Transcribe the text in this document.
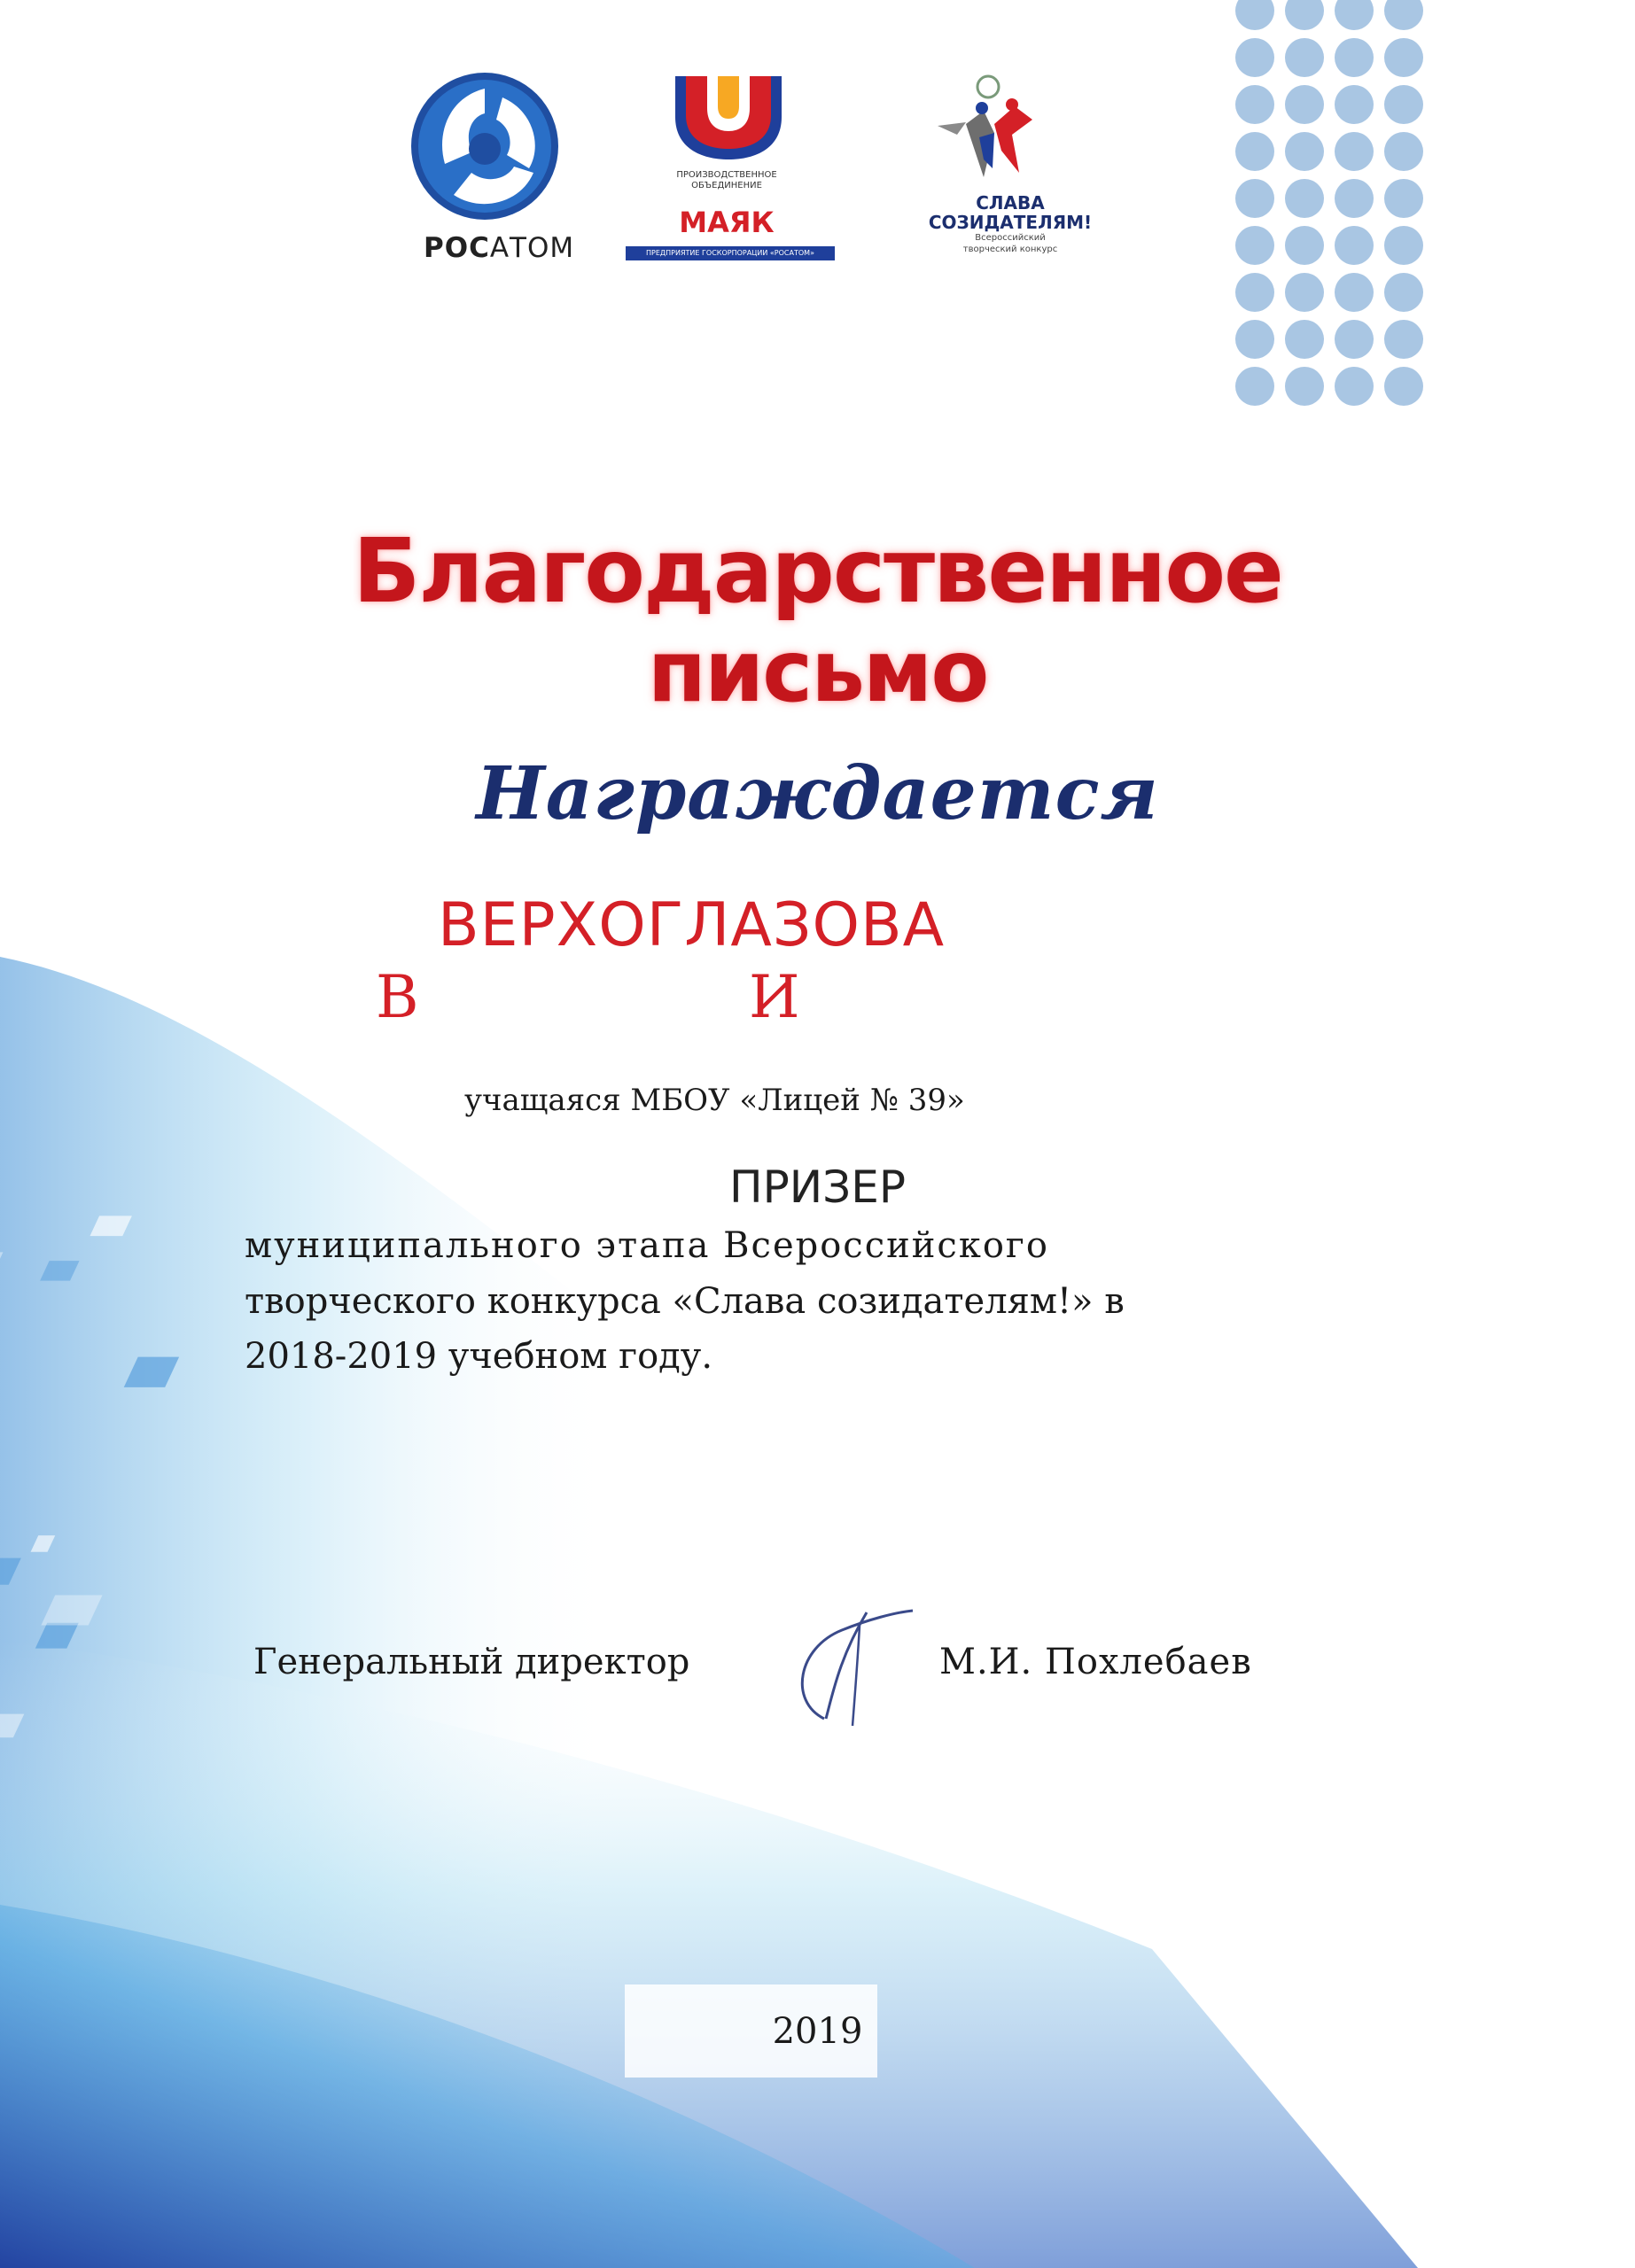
РОСАТОМ
ПРОИЗВОДСТВЕННОЕ
ОБЪЕДИНЕНИЕ
МАЯК
ПРЕДПРИЯТИЕ ГОСКОРПОРАЦИИ «РОСАТОМ»
СЛАВА
СОЗИДАТЕЛЯМ!
Всероссийский
творческий конкурс
Благодарственное
письмо
Награждается
ВЕРХОГЛАЗОВА
В	И
учащаяся МБОУ «Лицей № 39»
ПРИЗЕР
муниципального этапа Всероссийского
творческого конкурса «Слава созидателям!» в
2018-2019 учебном году.
Генеральный директор	М.И. Похлебаев
2019
